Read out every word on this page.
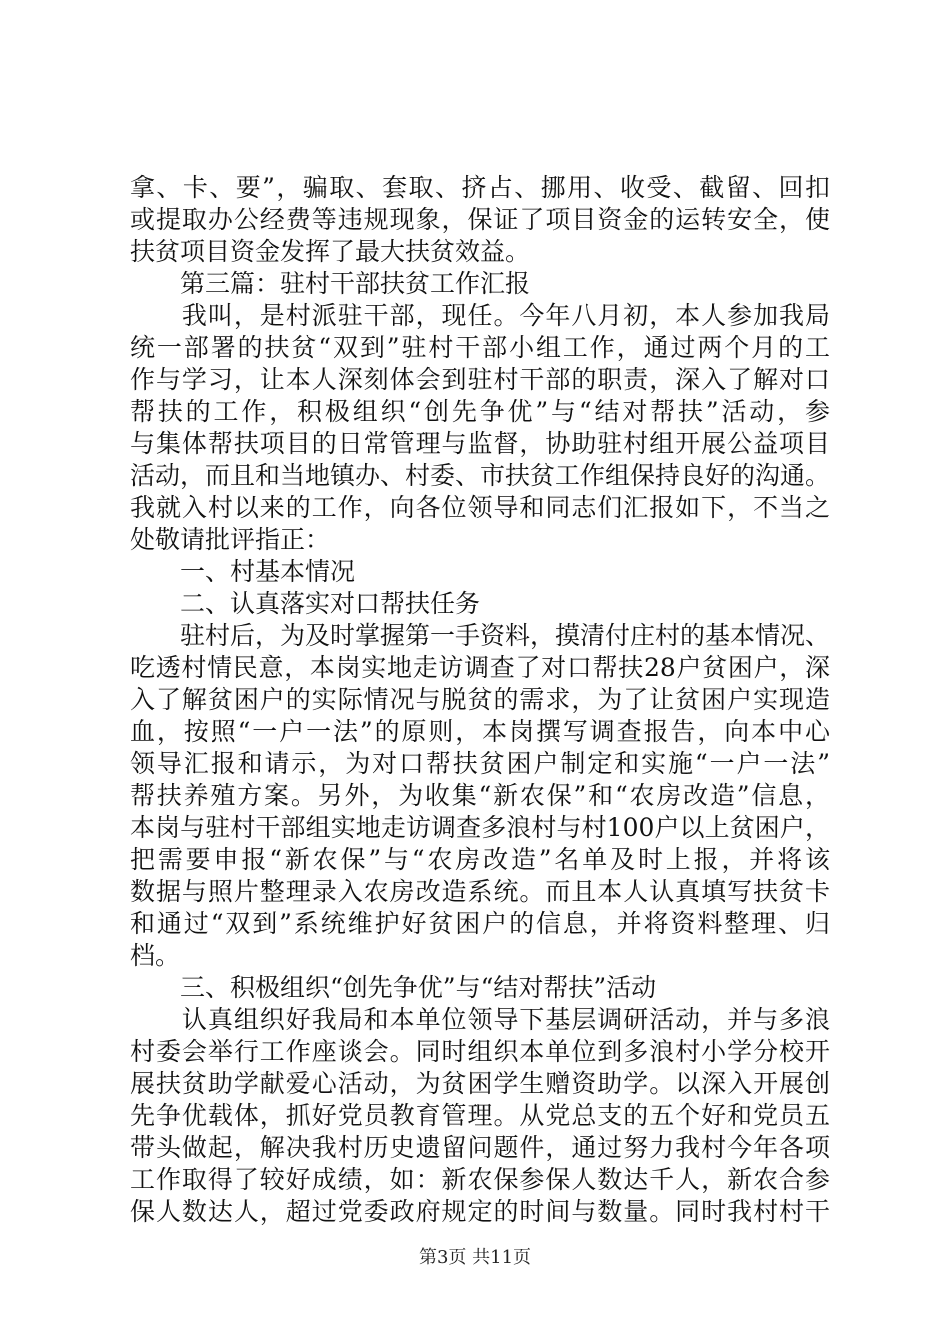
拿、卡、要”，骗取、套取、挤占、挪用、收受、截留、回扣
或提取办公经费等违规现象，保证了项目资金的运转安全，使
扶贫项目资金发挥了最大扶贫效益。
　　第三篇：驻村干部扶贫工作汇报
　　我叫，是村派驻干部，现任。今年八月初，本人参加我局
统一部署的扶贫“双到”驻村干部小组工作，通过两个月的工
作与学习，让本人深刻体会到驻村干部的职责，深入了解对口
帮扶的工作，积极组织“创先争优”与“结对帮扶”活动，参
与集体帮扶项目的日常管理与监督，协助驻村组开展公益项目
活动，而且和当地镇办、村委、市扶贫工作组保持良好的沟通。
我就入村以来的工作，向各位领导和同志们汇报如下，不当之
处敬请批评指正：
　　一、村基本情况
　　二、认真落实对口帮扶任务
　　驻村后，为及时掌握第一手资料，摸清付庄村的基本情况、
吃透村情民意，本岗实地走访调查了对口帮扶28户贫困户，深
入了解贫困户的实际情况与脱贫的需求，为了让贫困户实现造
血，按照“一户一法”的原则，本岗撰写调查报告，向本中心
领导汇报和请示，为对口帮扶贫困户制定和实施“一户一法”
帮扶养殖方案。另外，为收集“新农保”和“农房改造”信息，
本岗与驻村干部组实地走访调查多浪村与村100户以上贫困户，
把需要申报“新农保”与“农房改造”名单及时上报，并将该
数据与照片整理录入农房改造系统。而且本人认真填写扶贫卡
和通过“双到”系统维护好贫困户的信息，并将资料整理、归
档。
　　三、积极组织“创先争优”与“结对帮扶”活动
　　认真组织好我局和本单位领导下基层调研活动，并与多浪
村委会举行工作座谈会。同时组织本单位到多浪村小学分校开
展扶贫助学献爱心活动，为贫困学生赠资助学。以深入开展创
先争优载体，抓好党员教育管理。从党总支的五个好和党员五
带头做起，解决我村历史遗留问题件，通过努力我村今年各项
工作取得了较好成绩，如：新农保参保人数达千人，新农合参
保人数达人，超过党委政府规定的时间与数量。同时我村村干
第3页 共11页
